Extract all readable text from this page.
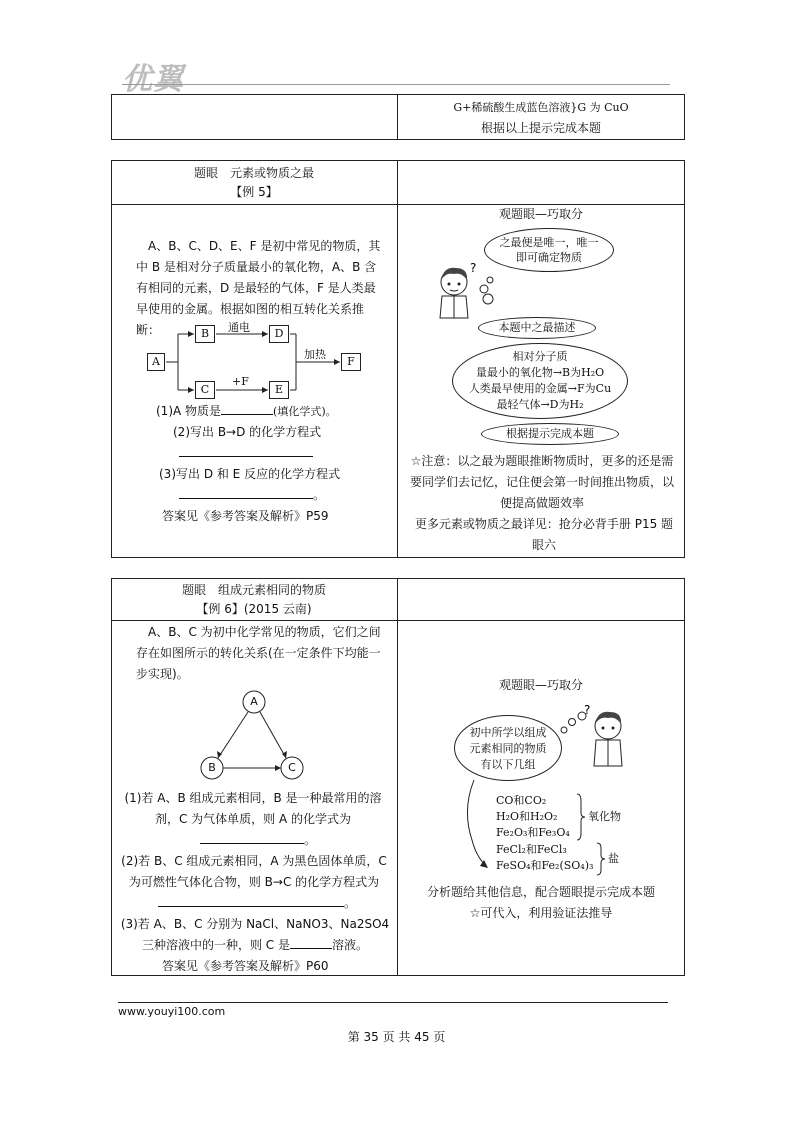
优翼
G+稀硫酸生成蓝色溶液}G 为 CuO
根据以上提示完成本题
题眼　元素或物质之最
【例 5】
A、B、C、D、E、F 是初中常见的物质，其中 B 是相对分子质量最小的氧化物，A、B 含有相同的元素，D 是最轻的气体，F 是人类最早使用的金属。根据如图的相互转化关系推断：
A
B
C
D
E
F
通电
+F
加热
(1)A 物质是	(填化学式)。
(2)写出 B→D 的化学方程式
(3)写出 D 和 E 反应的化学方程式
。
答案见《参考答案及解析》P59
观题眼—巧取分
?
之最便是唯一，唯一即可确定物质
本题中之最描述
相对分子质
量最小的氧化物→B为H₂O
人类最早使用的金属→F为Cu
最轻气体→D为H₂
根据提示完成本题
☆注意：以之最为题眼推断物质时，更多的还是需要同学们去记忆，记住便会第一时间推出物质，以便提高做题效率
更多元素或物质之最详见：抢分必背手册 P15 题眼六
题眼　组成元素相同的物质
【例 6】(2015 云南)
A、B、C 为初中化学常见的物质，它们之间存在如图所示的转化关系(在一定条件下均能一步实现)。
A
B	C
(1)若 A、B 组成元素相同，B 是一种最常用的溶剂，C 为气体单质，则 A 的化学式为
。
(2)若 B、C 组成元素相同，A 为黑色固体单质，C 为可燃性气体化合物，则 B→C 的化学方程式为
。
(3)若 A、B、C 分别为 NaCl、NaNO3、Na2SO4 三种溶液中的一种，则 C 是	溶液。
答案见《参考答案及解析》P60
观题眼—巧取分
初中所学以组成元素相同的物质有以下几组
?
CO和CO₂
H₂O和H₂O₂
Fe₂O₃和Fe₃O₄
氧化物
FeCl₂和FeCl₃
FeSO₄和Fe₂(SO₄)₃
盐
分析题给其他信息，配合题眼提示完成本题
☆可代入，利用验证法推导
www.youyi100.com
第 35 页 共 45 页
